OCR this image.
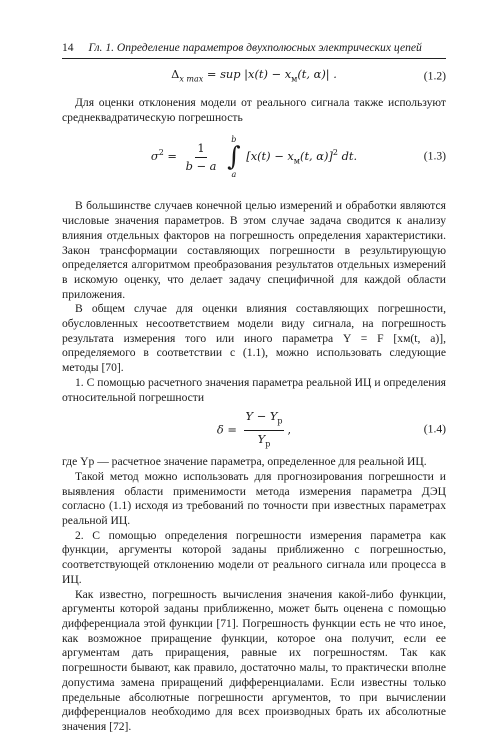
14 Гл. 1. Определение параметров двухполюсных электрических цепей
$\Delta_{x max}$ = sup $|x(t) - x_м(t$, α)| .	(1.2)

Для оценки отклонения модели от реального сигнала также используют среднеквадратическую погрешность

$\sigma^2 = \frac{1}{b - a}$

b
∫
a
[$x(t) - x_м(t$, α)]$^2$ dt.	(1.3)

В большинстве случаев конечной целью измерений и обработки являются числовые значения параметров. В этом случае задача сводится к анализу влияния отдельных факторов на погрешность определения характеристики. Закон трансформации составляющих погрешности в результирующую определяется алгоритмом преобразования результатов отдельных измерений в искомую оценку, что делает задачу специфичной для каждой области приложения.

В общем случае для оценки влияния составляющих погрешности, обусловленных несоответствием модели виду сигнала, на погрешность результата измерения того или иного параметра Y = F [xм(t, a)], определяемого в соответствии с (1.1), можно использовать следующие методы [70].

1. С помощью расчетного значения параметра реальной ИЦ и определения относительной погрешности

$\delta = \frac{Y - Y_p}{Y_p}$ ,	(1.4)

где Yр — расчетное значение параметра, определенное для реальной ИЦ.

Такой метод можно использовать для прогнозирования погрешности и выявления области применимости метода измерения параметра ДЭЦ согласно (1.1) исходя из требований по точности при известных параметрах реальной ИЦ.

2. С помощью определения погрешности измерения параметра как функции, аргументы которой заданы приближенно с погрешностью, соответствующей отклонению модели от реального сигнала или процесса в ИЦ.

Как известно, погрешность вычисления значения какой-либо функции, аргументы которой заданы приближенно, может быть оценена с помощью дифференциала этой функции [71]. Погрешность функции есть не что иное, как возможное приращение функции, которое она получит, если ее аргументам дать приращения, равные их погрешностям. Так как погрешности бывают, как правило, достаточно малы, то практически вполне допустима замена приращений дифференциалами. Если известны только предельные абсолютные погрешности аргументов, то при вычислении дифференциалов необходимо для всех производных брать их абсолютные значения [72].
